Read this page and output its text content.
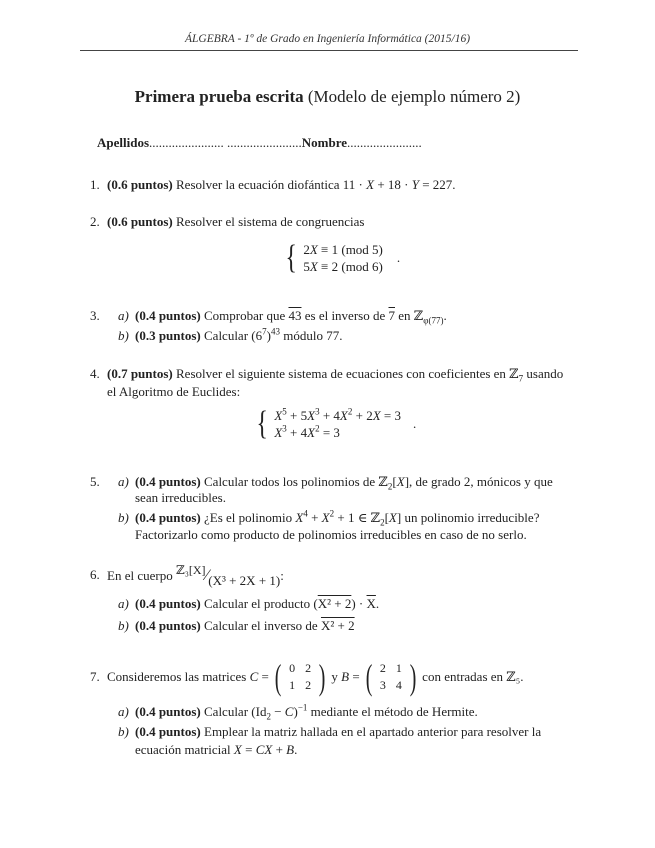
ÁLGEBRA - 1º de Grado en Ingeniería Informática (2015/16)
Primera prueba escrita (Modelo de ejemplo número 2)
Apellidos....................... .......................Nombre.......................
1. (0.6 puntos) Resolver la ecuación diofántica 11 · X + 18 · Y = 227.
2. (0.6 puntos) Resolver el sistema de congruencias
{ 2X ≡ 1 (mod 5)
5X ≡ 2 (mod 6)
.
3. a) (0.4 puntos) Comprobar que 43 es el inverso de 7 en ℤ$_{\varphi(77)}$.
b) (0.3 puntos) Calcular $(6^7)^{43}$ módulo 77.
4. (0.7 puntos) Resolver el siguiente sistema de ecuaciones con coeficientes en ℤ$_7$ usando
el Algoritmo de Euclides:
{ $X^5 + 5X^3 + 4X^2 + 2X = 3$
$X^3 + 4X^2 = 3$
.
5. a) (0.4 puntos) Calcular todos los polinomios de ℤ$_2$[X], de grado 2, mónicos y que
sean irreducibles.
b) (0.4 puntos) ¿Es el polinomio $X^4 + X^2 + 1$ ∈ ℤ$_2$[X] un polinomio irreducible?
Factorizarlo como producto de polinomios irreducibles en caso de no serlo.
6. En el cuerpo ℤ₃[X]⁄(X³ + 2X + 1):
a) (0.4 puntos) Calcular el producto $(X^2 + 2) \cdot \overline{X}$.
b) (0.4 puntos) Calcular el inverso de X² + 2
7. Consideremos las matrices
C = ( 0 2
1 2 ) y B = ( 2 1
3 4 ) con entradas en ℤ₅.
a) (0.4 puntos) Calcular $(Id_2 - C)^{-1}$ mediante el método de Hermite.
b) (0.4 puntos) Emplear la matriz hallada en el apartado anterior para resolver la
ecuación matricial X = CX + B.
